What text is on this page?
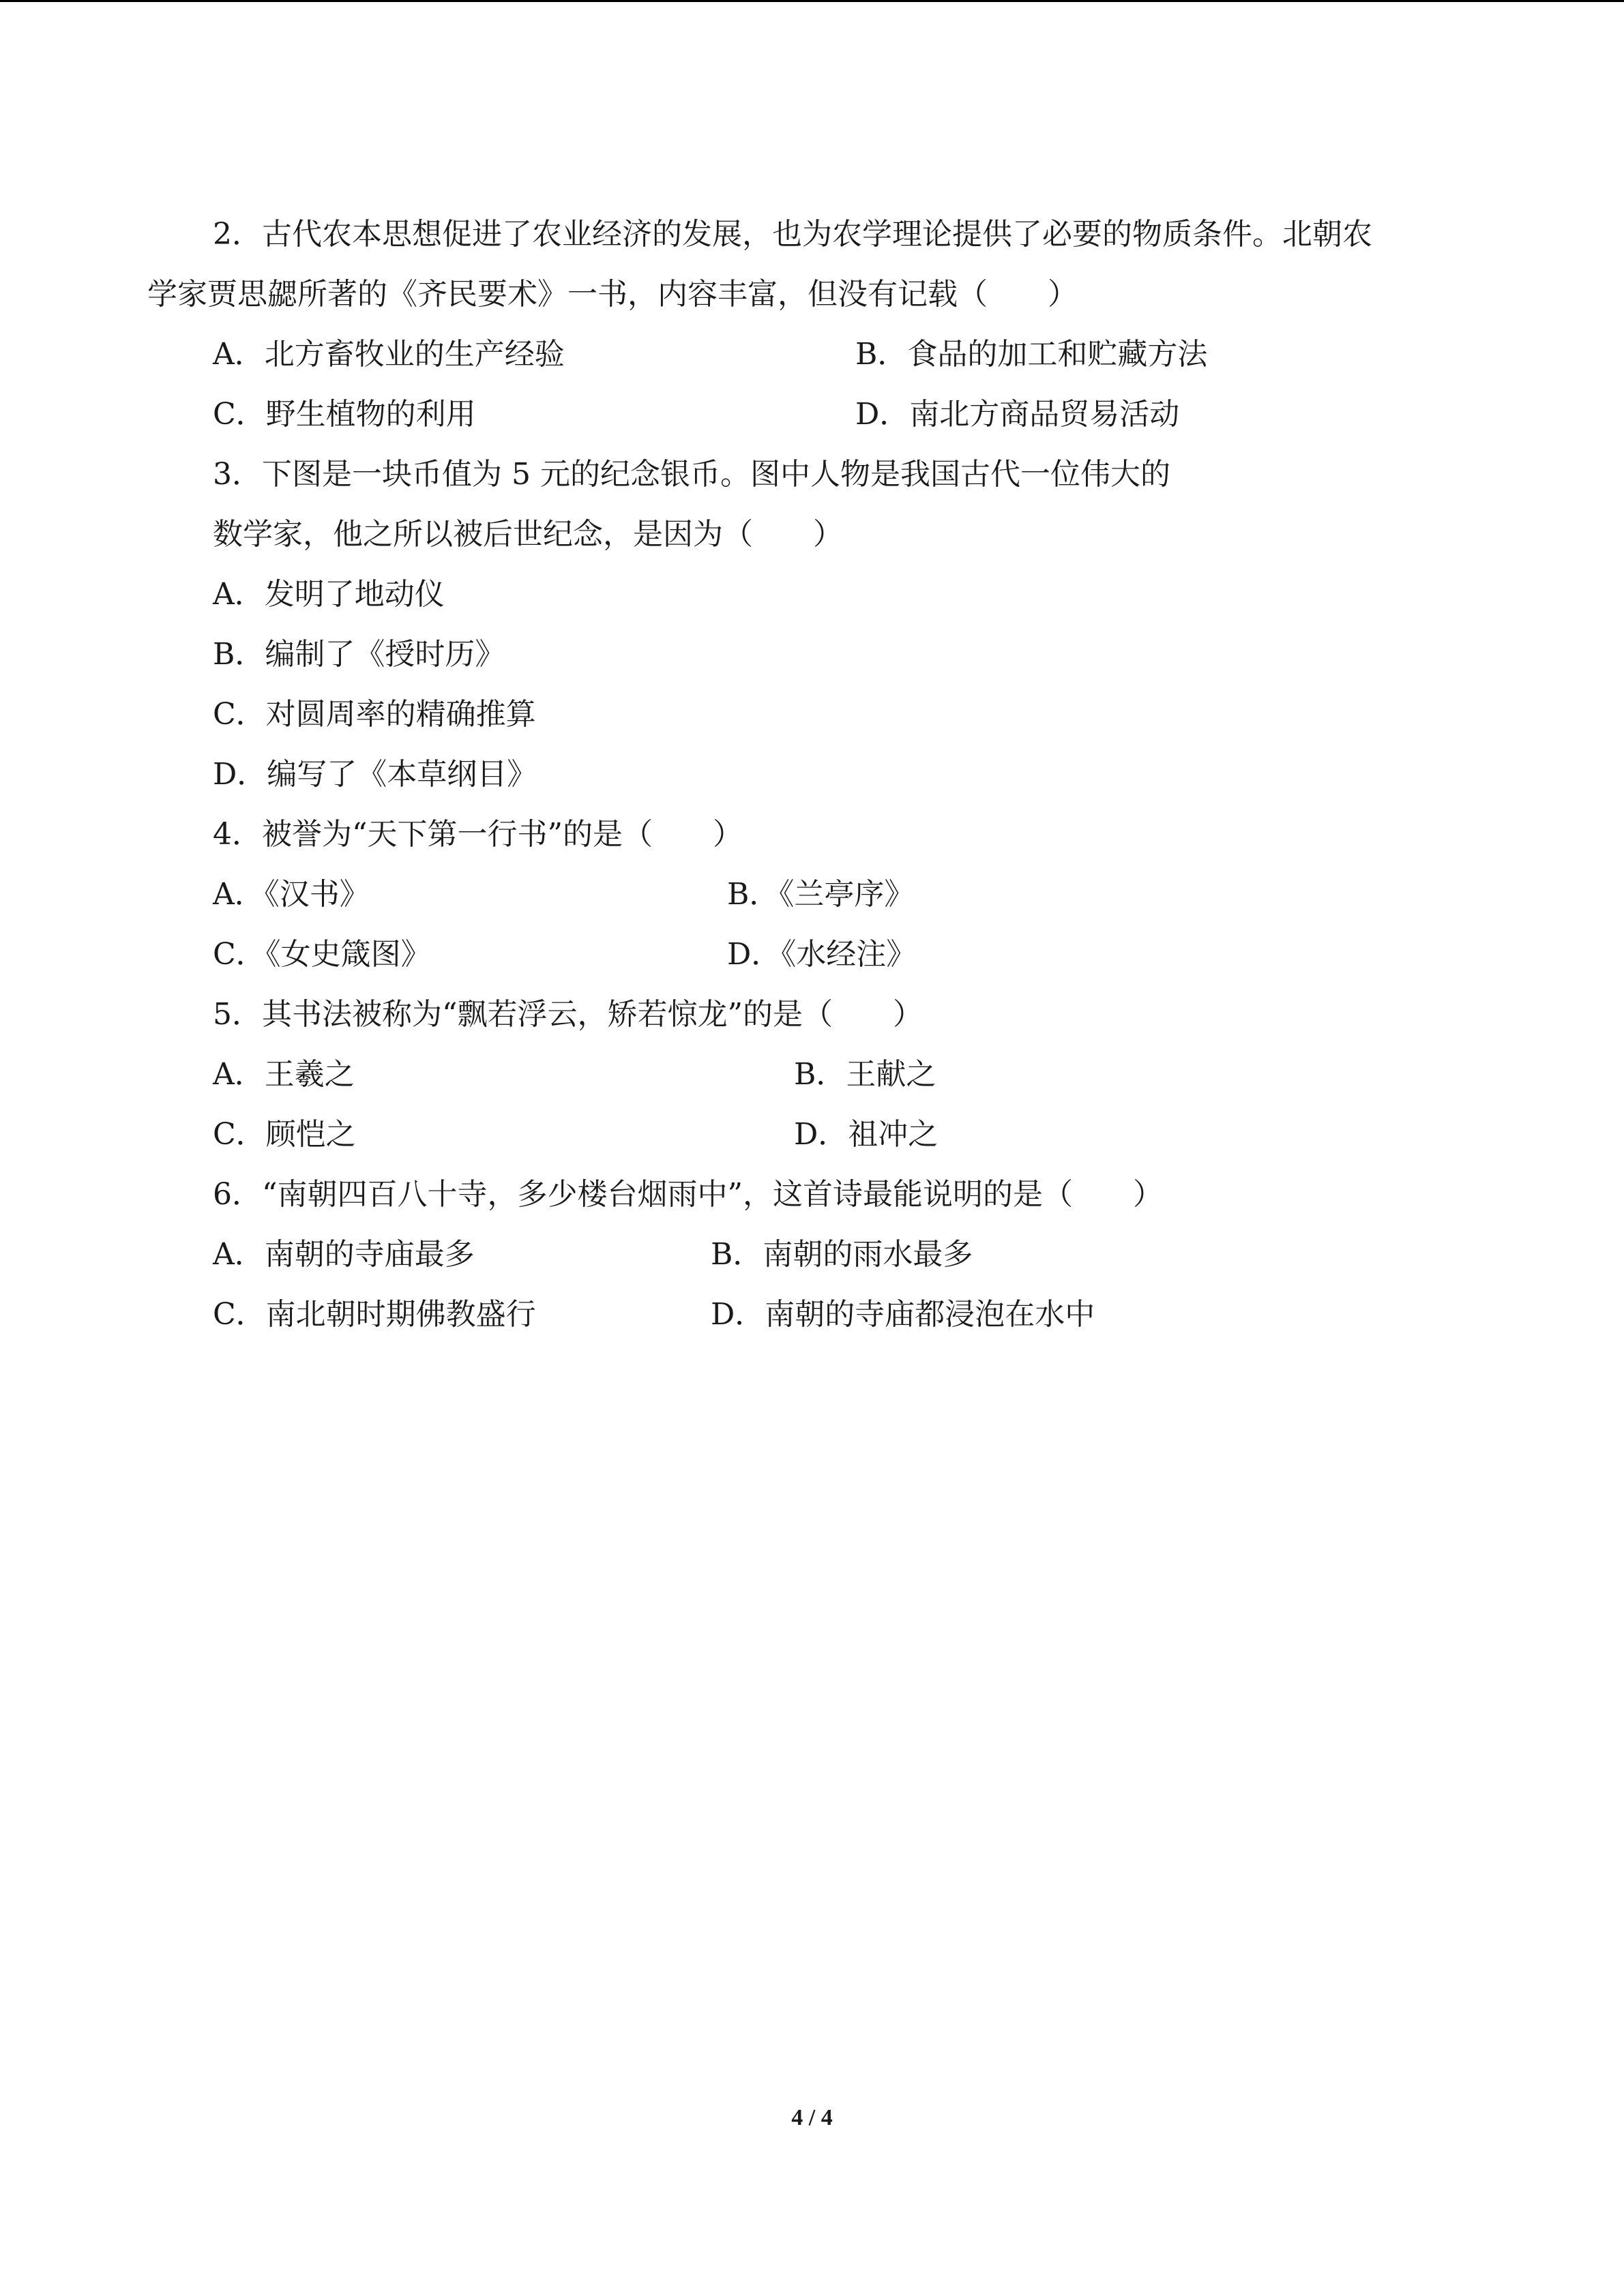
2．古代农本思想促进了农业经济的发展，也为农学理论提供了必要的物质条件。北朝农
学家贾思勰所著的《齐民要术》一书，内容丰富，但没有记载（　　）
A．北方畜牧业的生产经验	B．食品的加工和贮藏方法
C．野生植物的利用	D．南北方商品贸易活动
3．下图是一块币值为 5 元的纪念银币。图中人物是我国古代一位伟大的
数学家，他之所以被后世纪念，是因为（　　）
A．发明了地动仪
B．编制了《授时历》
C．对圆周率的精确推算
D．编写了《本草纲目》
4．被誉为“天下第一行书”的是（　　）
A．《汉书》	B．《兰亭序》
C．《女史箴图》	D．《水经注》
5．其书法被称为“飘若浮云，矫若惊龙”的是（　　）
A．王羲之	B．王献之
C．顾恺之	D．祖冲之
6．“南朝四百八十寺，多少楼台烟雨中”，这首诗最能说明的是（　　）
A．南朝的寺庙最多	B．南朝的雨水最多
C．南北朝时期佛教盛行	D．南朝的寺庙都浸泡在水中
4 / 4
